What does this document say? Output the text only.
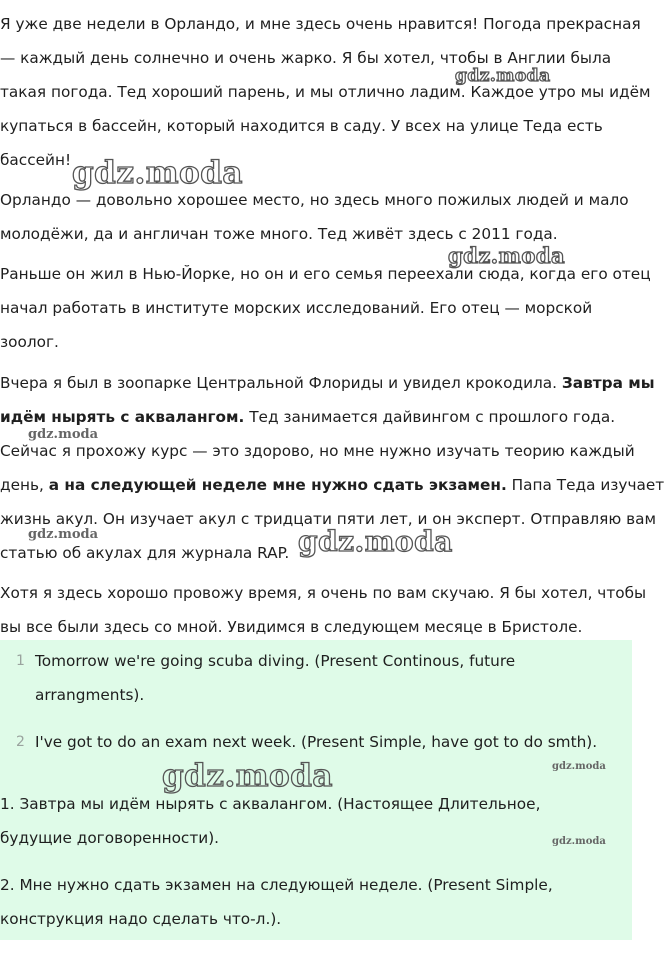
Я уже две недели в Орландо, и мне здесь очень нравится! Погода прекрасная
— каждый день солнечно и очень жарко. Я бы хотел, чтобы в Англии была
такая погода. Тед хороший парень, и мы отлично ладим. Каждое утро мы идём
купаться в бассейн, который находится в саду. У всех на улице Теда есть
бассейн!

Орландо — довольно хорошее место, но здесь много пожилых людей и мало
молодёжи, да и англичан тоже много. Тед живёт здесь с 2011 года.

Раньше он жил в Нью-Йорке, но он и его семья переехали сюда, когда его отец
начал работать в институте морских исследований. Его отец — морской
зоолог.

Вчера я был в зоопарке Центральной Флориды и увидел крокодила. Завтра мы
идём нырять с аквалангом. Тед занимается дайвингом с прошлого года.
Сейчас я прохожу курс — это здорово, но мне нужно изучать теорию каждый
день, а на следующей неделе мне нужно сдать экзамен. Папа Теда изучает
жизнь акул. Он изучает акул с тридцати пяти лет, и он эксперт. Отправляю вам
статью об акулах для журнала RAP.

Хотя я здесь хорошо провожу время, я очень по вам скучаю. Я бы хотел, чтобы
вы все были здесь со мной. Увидимся в следующем месяце в Бристоле.

1 Tomorrow we're going scuba diving. (Present Continous, future
arrangments).
2 I've got to do an exam next week. (Present Simple, have got to do smth).

1. Завтра мы идём нырять с аквалангом. (Настоящее Длительное,
будущие договоренности).

2. Мне нужно сдать экзамен на следующей неделе. (Present Simple,
конструкция надо сделать что-л.).

gdz.moda
gdz.moda
gdz.moda
gdz.moda
gdz.moda	gdz.moda
gdz.moda
gdz.moda
